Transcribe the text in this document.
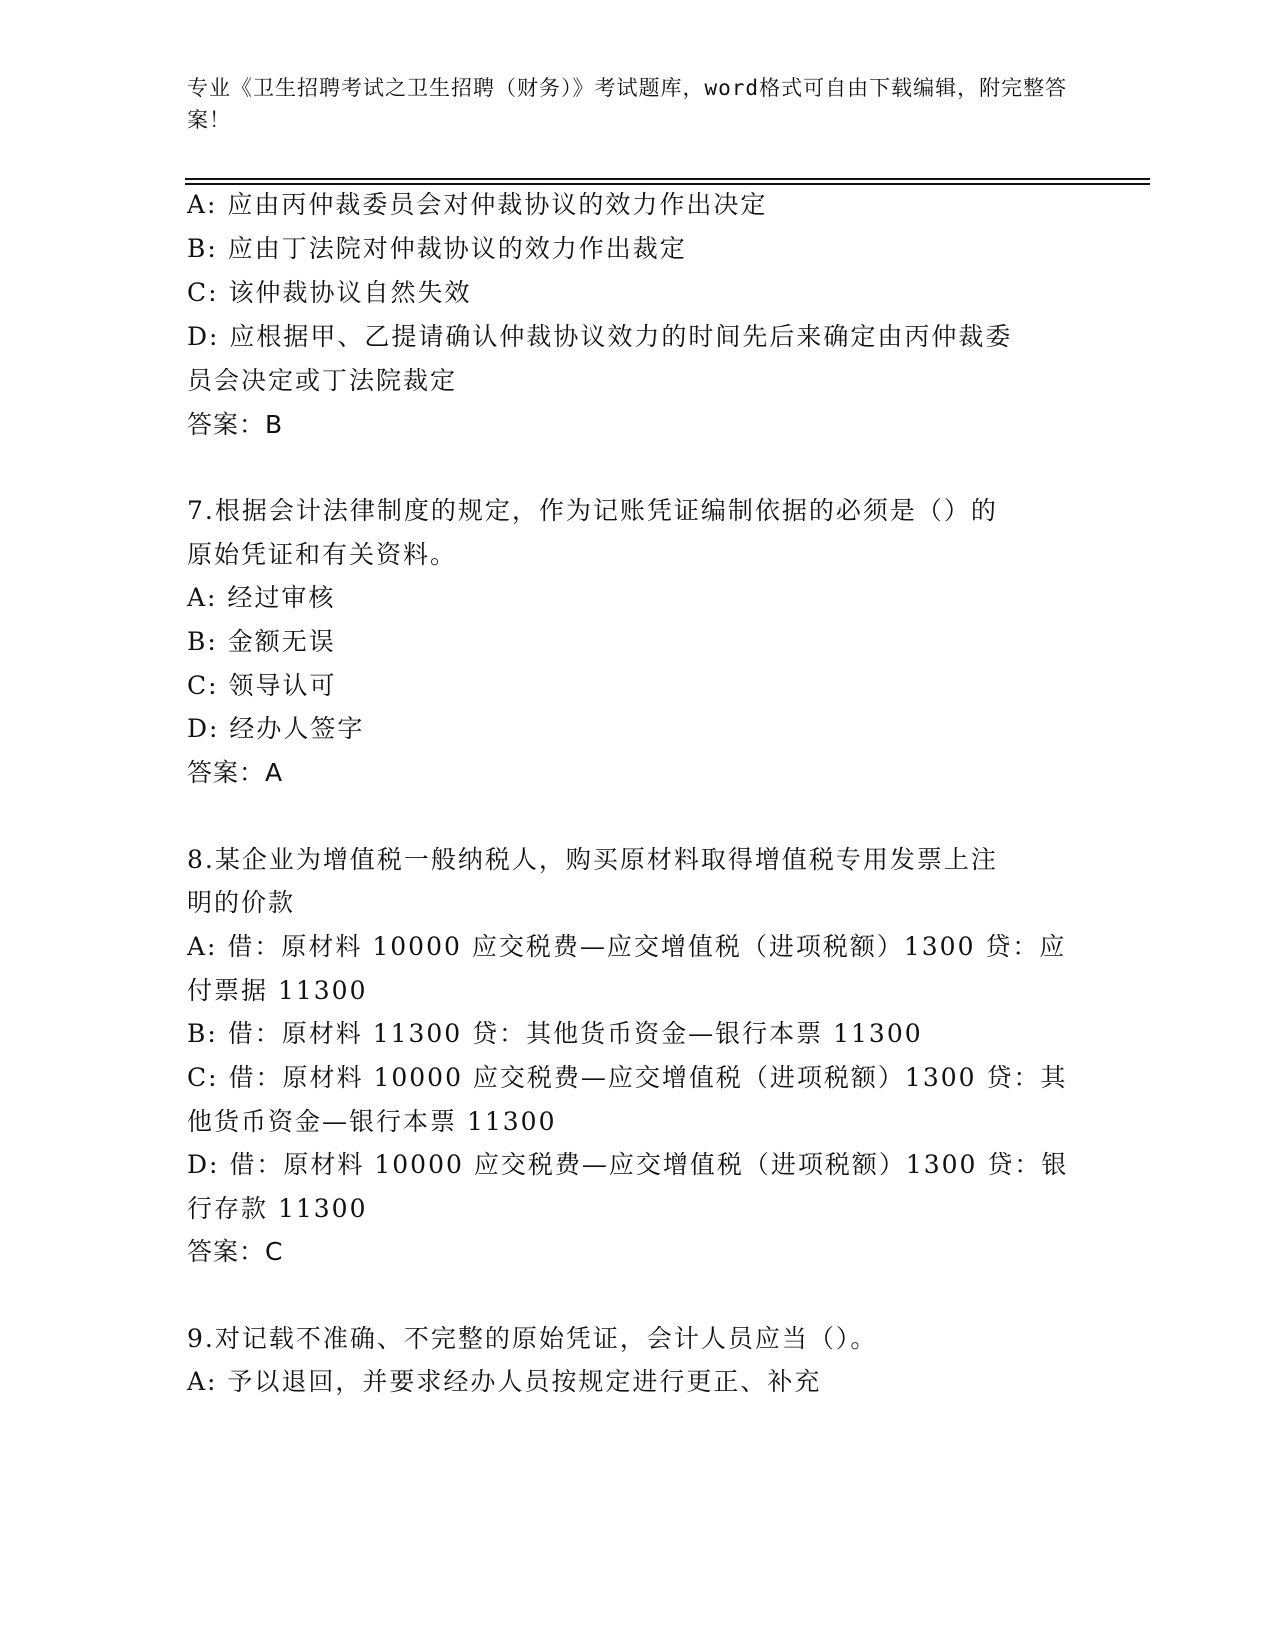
专业《卫生招聘考试之卫生招聘（财务）》考试题库，word格式可自由下载编辑，附完整答案！
A: 应由丙仲裁委员会对仲裁协议的效力作出决定
B: 应由丁法院对仲裁协议的效力作出裁定
C: 该仲裁协议自然失效
D: 应根据甲、乙提请确认仲裁协议效力的时间先后来确定由丙仲裁委
员会决定或丁法院裁定
答案：B
7.根据会计法律制度的规定，作为记账凭证编制依据的必须是（）的
原始凭证和有关资料。
A: 经过审核
B: 金额无误
C: 领导认可
D: 经办人签字
答案：A
8.某企业为增值税一般纳税人，购买原材料取得增值税专用发票上注
明的价款
A: 借：原材料 10000 应交税费—应交增值税（进项税额）1300 贷：应
付票据 11300
B: 借：原材料 11300 贷：其他货币资金—银行本票 11300
C: 借：原材料 10000 应交税费—应交增值税（进项税额）1300 贷：其
他货币资金—银行本票 11300
D: 借：原材料 10000 应交税费—应交增值税（进项税额）1300 贷：银
行存款 11300
答案：C
9.对记载不准确、不完整的原始凭证，会计人员应当（）。
A: 予以退回，并要求经办人员按规定进行更正、补充
